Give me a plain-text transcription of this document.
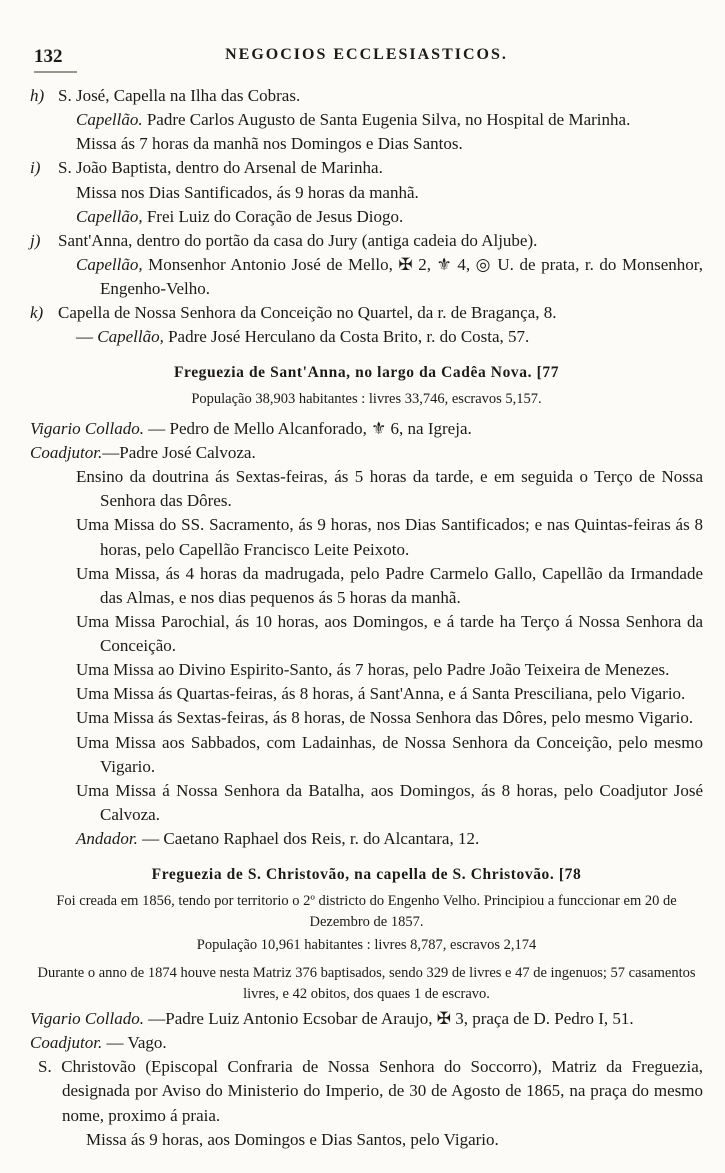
132	NEGOCIOS ECCLESIASTICOS.

h) S. José, Capella na Ilha das Cobras.

Capellão. Padre Carlos Augusto de Santa Eugenia Silva, no Hospital de Marinha.

Missa ás 7 horas da manhã nos Domingos e Dias Santos.

i) S. João Baptista, dentro do Arsenal de Marinha.

Missa nos Dias Santificados, ás 9 horas da manhã.

Capellão, Frei Luiz do Coração de Jesus Diogo.

j) Sant'Anna, dentro do portão da casa do Jury (antiga cadeia do Aljube).

Capellão, Monsenhor Antonio José de Mello, ✠ 2, ⚜ 4, ◎ U. de prata, r. do Monsenhor, Engenho-Velho.

k) Capella de Nossa Senhora da Conceição no Quartel, da r. de Bragança, 8.

— Capellão, Padre José Herculano da Costa Brito, r. do Costa, 57.

Freguezia de Sant'Anna, no largo da Cadêa Nova. [77

População 38,903 habitantes : livres 33,746, escravos 5,157.

Vigario Collado. — Pedro de Mello Alcanforado, ⚜ 6, na Igreja.

Coadjutor.—Padre José Calvoza.

Ensino da doutrina ás Sextas-feiras, ás 5 horas da tarde, e em seguida o Terço de Nossa Senhora das Dôres.

Uma Missa do SS. Sacramento, ás 9 horas, nos Dias Santificados; e nas Quintas-feiras ás 8 horas, pelo Capellão Francisco Leite Peixoto.

Uma Missa, ás 4 horas da madrugada, pelo Padre Carmelo Gallo, Capellão da Irmandade das Almas, e nos dias pequenos ás 5 horas da manhã.

Uma Missa Parochial, ás 10 horas, aos Domingos, e á tarde ha Terço á Nossa Senhora da Conceição.

Uma Missa ao Divino Espirito-Santo, ás 7 horas, pelo Padre João Teixeira de Menezes.

Uma Missa ás Quartas-feiras, ás 8 horas, á Sant'Anna, e á Santa Presciliana, pelo Vigario.

Uma Missa ás Sextas-feiras, ás 8 horas, de Nossa Senhora das Dôres, pelo mesmo Vigario.

Uma Missa aos Sabbados, com Ladainhas, de Nossa Senhora da Conceição, pelo mesmo Vigario.

Uma Missa á Nossa Senhora da Batalha, aos Domingos, ás 8 horas, pelo Coadjutor José Calvoza.

Andador. — Caetano Raphael dos Reis, r. do Alcantara, 12.

Freguezia de S. Christovão, na capella de S. Christovão. [78

Foi creada em 1856, tendo por territorio o 2º districto do Engenho Velho. Principiou a funccionar em 20 de Dezembro de 1857.

População 10,961 habitantes : livres 8,787, escravos 2,174

Durante o anno de 1874 houve nesta Matriz 376 baptisados, sendo 329 de livres e 47 de ingenuos; 57 casamentos livres, e 42 obitos, dos quaes 1 de escravo.

Vigario Collado. —Padre Luiz Antonio Ecsobar de Araujo, ✠ 3, praça de D. Pedro I, 51.

Coadjutor. — Vago.

S. Christovão (Episcopal Confraria de Nossa Senhora do Soccorro), Matriz da Freguezia, designada por Aviso do Ministerio do Imperio, de 30 de Agosto de 1865, na praça do mesmo nome, proximo á praia.

Missa ás 9 horas, aos Domingos e Dias Santos, pelo Vigario.
